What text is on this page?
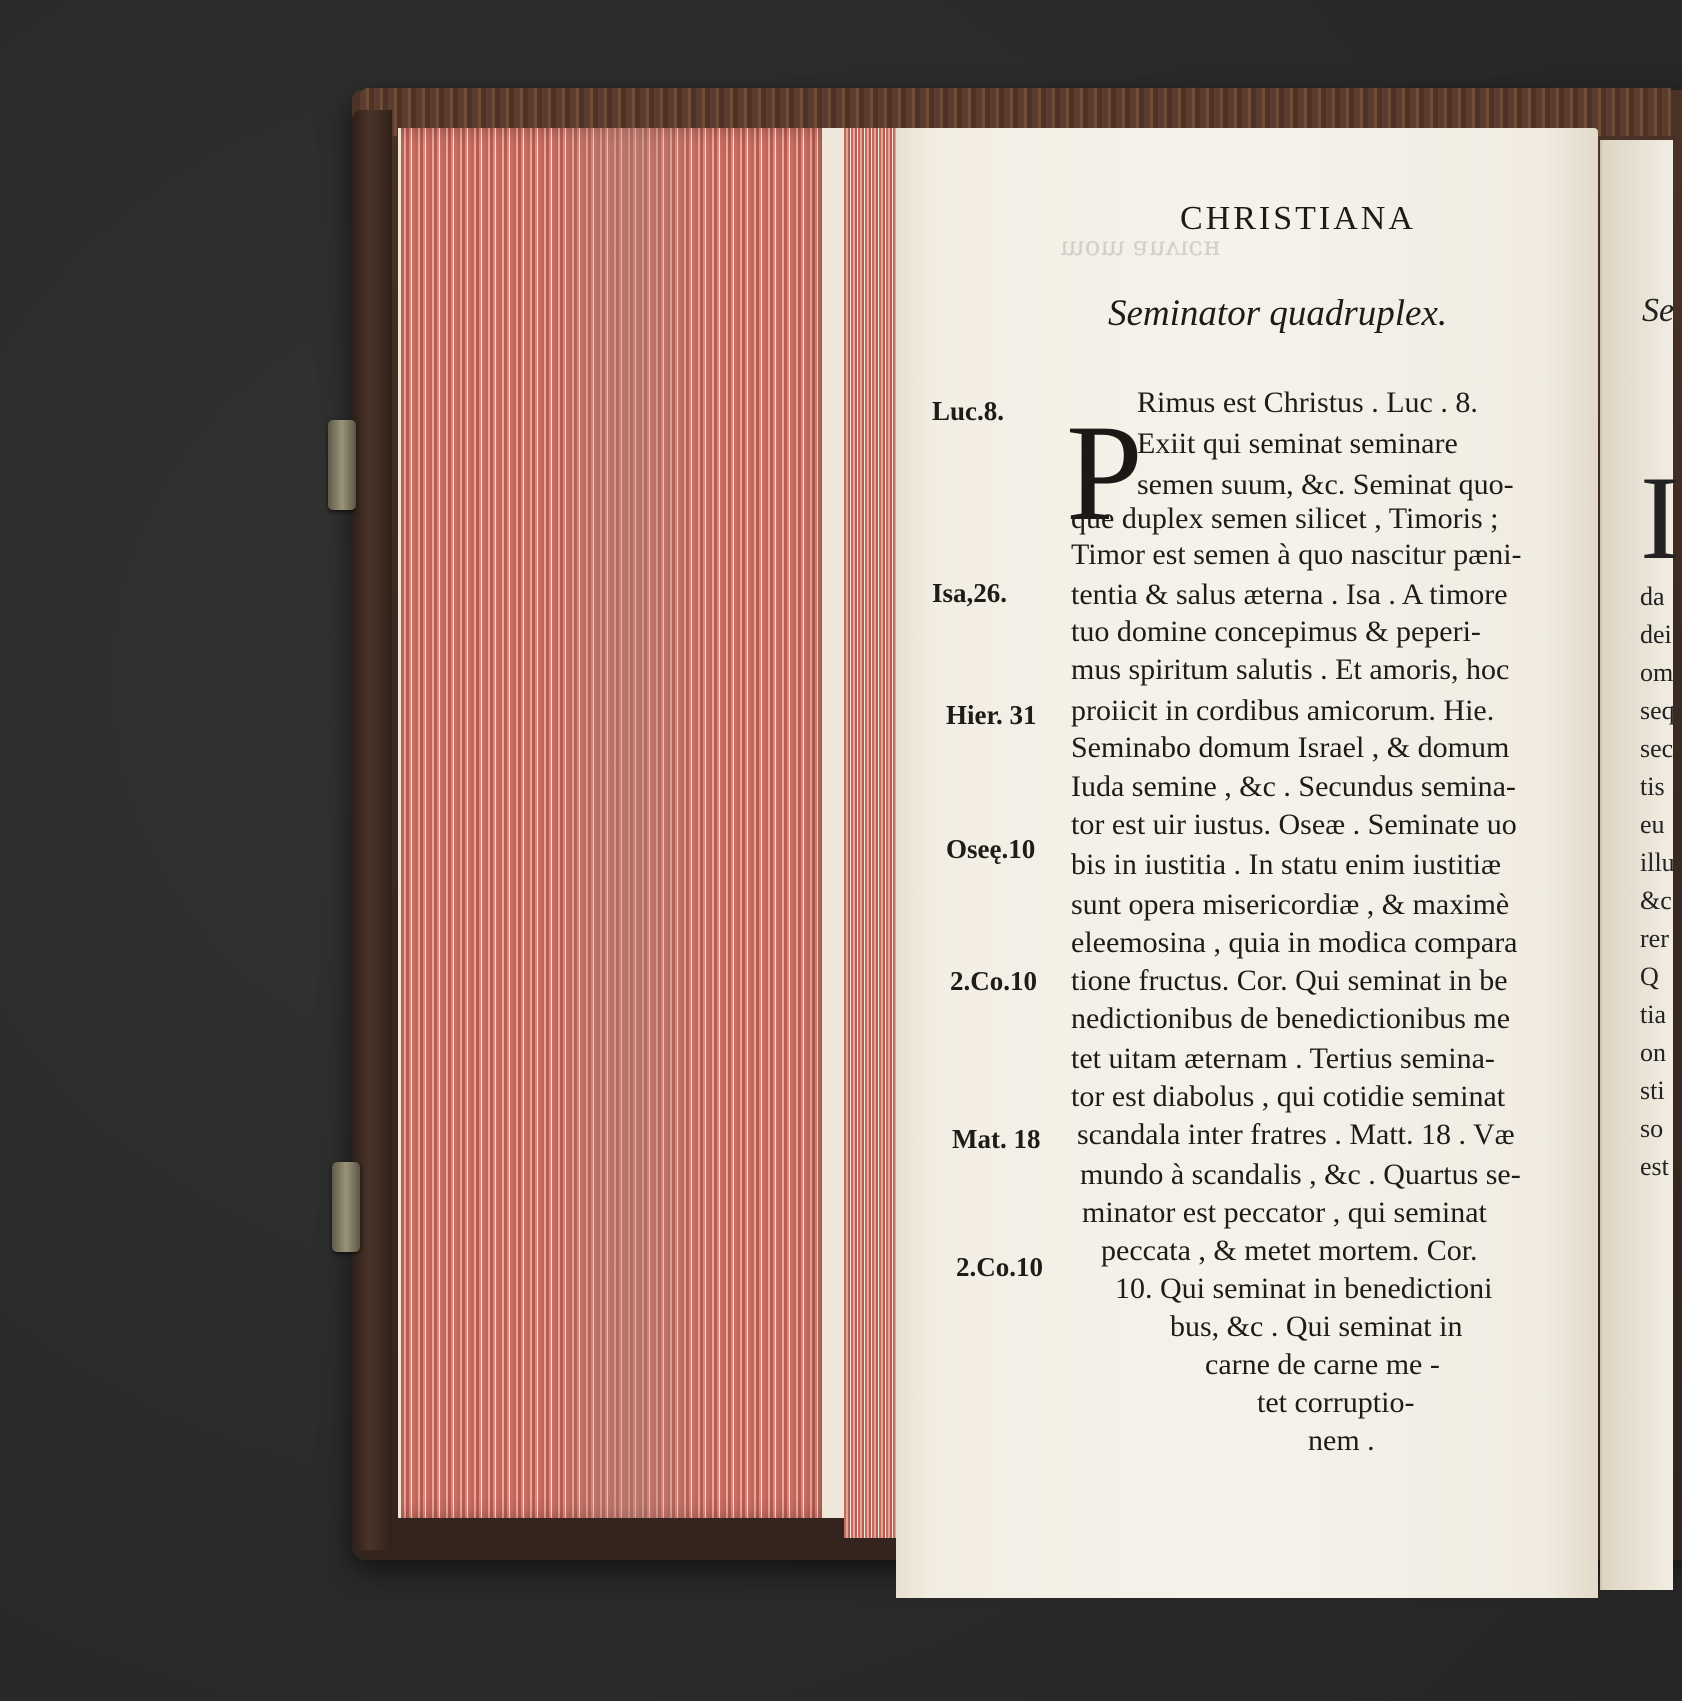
ʜɔıʌuɐ ɯoɯ
CHRISTIANA
Seminator quadruplex.
P
Rimus est Christus . Luc . 8.
Exiit qui seminat seminare
semen suum, &c. Seminat quo-
que duplex semen silicet , Timoris ;
Timor est semen à quo nascitur pæni-
tentia & salus æterna . Isa . A timore
tuo domine concepimus & peperi-
mus spiritum salutis . Et amoris, hoc
proiicit in cordibus amicorum. Hie.
Seminabo domum Israel , & domum
Iuda semine , &c . Secundus semina-
tor est uir iustus. Oseæ . Seminate uo
bis in iustitia . In statu enim iustitiæ
sunt opera misericordiæ , & maximè
eleemosina , quia in modica compara
tione fructus. Cor. Qui seminat in be
nedictionibus de benedictionibus me
tet uitam æternam . Tertius semina-
tor est diabolus , qui cotidie seminat
scandala inter fratres . Matt. 18 . Væ
mundo à scandalis , &c . Quartus se-
minator est peccator , qui seminat
peccata , & metet mortem. Cor.
10. Qui seminat in benedictioni
bus, &c . Qui seminat in
carne de carne me -
tet corruptio-
nem .
Luc.8.
Isa,26.
Hier. 31
Oseę.10
2.Co.10
Mat. 18
2.Co.10
Se
I
da
dei
om
seq
sec
tis
eu
illu
&c
rer
Q
tia
on
sti
so
est
